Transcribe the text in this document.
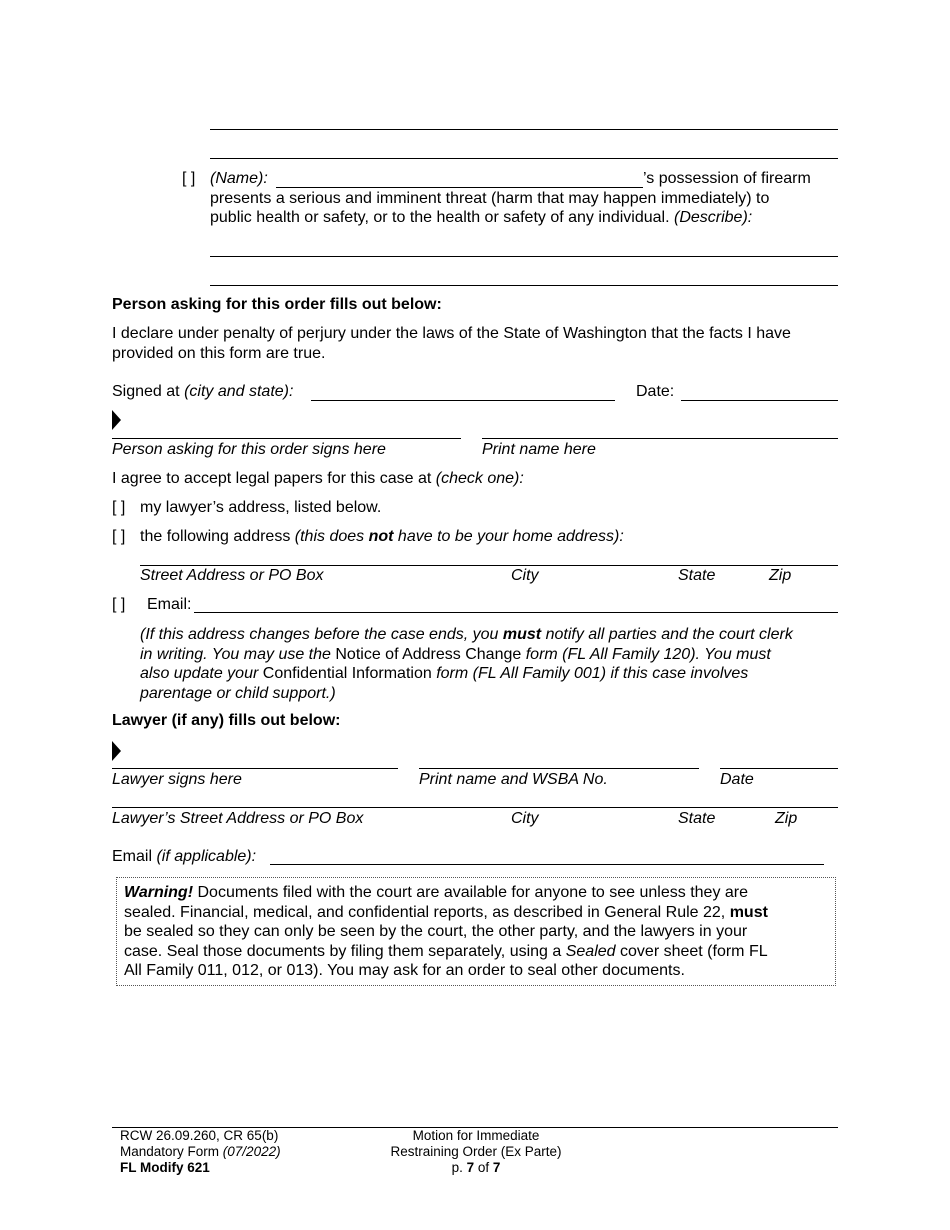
[ ] (Name):	’s possession of firearm
presents a serious and imminent threat (harm that may happen immediately) to
public health or safety, or to the health or safety of any individual. (Describe):
Person asking for this order fills out below:
I declare under penalty of perjury under the laws of the State of Washington that the facts I have
provided on this form are true.
Signed at (city and state):	Date:
Person asking for this order signs here	Print name here
I agree to accept legal papers for this case at (check one):
[ ] my lawyer’s address, listed below.
[ ] the following address (this does not have to be your home address):
Street Address or PO Box	City	State	Zip
[ ] Email:
(If this address changes before the case ends, you must notify all parties and the court clerk
in writing. You may use the Notice of Address Change form (FL All Family 120). You must
also update your Confidential Information form (FL All Family 001) if this case involves
parentage or child support.)
Lawyer (if any) fills out below:
Lawyer signs here	Print name and WSBA No.	Date
Lawyer’s Street Address or PO Box	City	State	Zip
Email (if applicable):
Warning! Documents filed with the court are available for anyone to see unless they are
sealed. Financial, medical, and confidential reports, as described in General Rule 22, must
be sealed so they can only be seen by the court, the other party, and the lawyers in your
case. Seal those documents by filing them separately, using a Sealed cover sheet (form FL
All Family 011, 012, or 013). You may ask for an order to seal other documents.
RCW 26.09.260, CR 65(b)
Mandatory Form (07/2022)
FL Modify 621
Motion for Immediate
Restraining Order (Ex Parte)
p. 7 of 7
